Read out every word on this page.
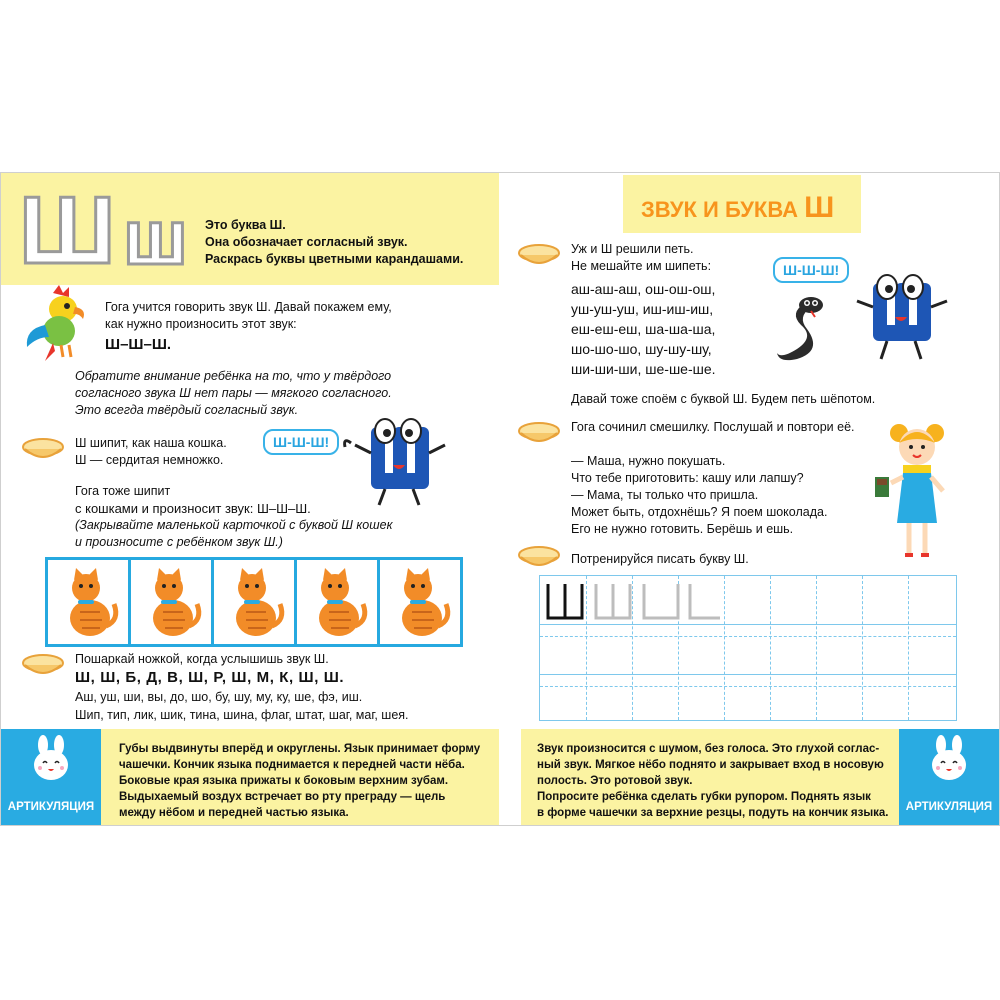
Ш ш Это буква Ш.
Она обозначает согласный звук.
Раскрась буквы цветными карандашами.
Гога учится говорить звук Ш. Давай покажем ему,
как нужно произносить этот звук:
Ш–Ш–Ш.
Обратите внимание ребёнка на то, что у твёрдого
согласного звука Ш нет пары — мягкого согласного.
Это всегда твёрдый согласный звук.
Ш шипит, как наша кошка.
Ш — сердитая немножко.
Ш-Ш-Ш!
Гога тоже шипит
с кошками и произносит звук: Ш–Ш–Ш.
(Закрывайте маленькой карточкой с буквой Ш кошек
и произносите с ребёнком звук Ш.)
Пошаркай ножкой, когда услышишь звук Ш.
Ш, Ш, Б, Д, В, Ш, Р, Ш, М, К, Ш, Ш.
Аш, уш, ши, вы, до, шо, бу, шу, му, ку, ше, фэ, иш.
Шип, тип, лик, шик, тина, шина, флаг, штат, шаг, маг, шея.
АРТИКУЛЯЦИЯ
Губы выдвинуты вперёд и округлены. Язык принимает форму
чашечки. Кончик языка поднимается к передней части нёба.
Боковые края языка прижаты к боковым верхним зубам.
Выдыхаемый воздух встречает во рту преграду — щель
между нёбом и передней частью языка.
ЗВУК И БУКВА Ш
Уж и Ш решили петь.
Не мешайте им шипеть:
аш-аш-аш, ош-ош-ош,
уш-уш-уш, иш-иш-иш,
еш-еш-еш, ша-ша-ша,
шо-шо-шо, шу-шу-шу,
ши-ши-ши, ше-ше-ше.
Ш-Ш-Ш!
Давай тоже споём с буквой Ш. Будем петь шёпотом.
Гога сочинил смешилку. Послушай и повтори её.
— Маша, нужно покушать.
Что тебе приготовить: кашу или лапшу?
— Мама, ты только что пришла.
Может быть, отдохнёшь? Я поем шоколада.
Его не нужно готовить. Берёшь и ешь.
Потренируйся писать букву Ш.
Звук произносится с шумом, без голоса. Это глухой соглас-
ный звук. Мягкое нёбо поднято и закрывает вход в носовую
полость. Это ротовой звук.
Попросите ребёнка сделать губки рупором. Поднять язык
в форме чашечки за верхние резцы, подуть на кончик языка.	АРТИКУЛЯЦИЯ
